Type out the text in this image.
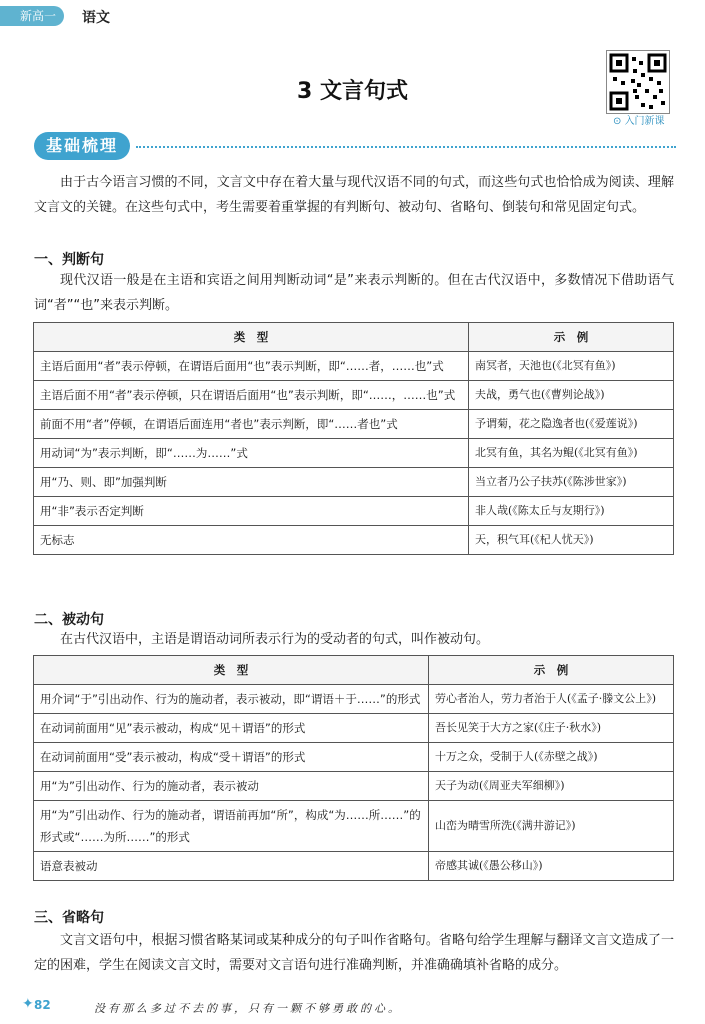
新高一	语文
3 文言句式
⊙ 入门新课
基础梳理
由于古今语言习惯的不同，文言文中存在着大量与现代汉语不同的句式，而这些句式也恰恰成为阅读、理解文言文的关键。在这些句式中，考生需要着重掌握的有判断句、被动句、省略句、倒装句和常见固定句式。
一、判断句
现代汉语一般是在主语和宾语之间用判断动词“是”来表示判断的。但在古代汉语中，多数情况下借助语气词“者”“也”来表示判断。
类　型	示　例
主语后面用“者”表示停顿，在谓语后面用“也”表示判断，即“……者，……也”式	南冥者，天池也(《北冥有鱼》)
主语后面不用“者”表示停顿，只在谓语后面用“也”表示判断，即“……，……也”式	夫战，勇气也(《曹刿论战》)
前面不用“者”停顿，在谓语后面连用“者也”表示判断，即“……者也”式	予谓菊，花之隐逸者也(《爱莲说》)
用动词“为”表示判断，即“……为……”式	北冥有鱼，其名为鲲(《北冥有鱼》)
用“乃、则、即”加强判断	当立者乃公子扶苏(《陈涉世家》)
用“非”表示否定判断	非人哉(《陈太丘与友期行》)
无标志	天，积气耳(《杞人忧天》)
二、被动句
在古代汉语中，主语是谓语动词所表示行为的受动者的句式，叫作被动句。
类　型	示　例
用介词“于”引出动作、行为的施动者，表示被动，即“谓语＋于……”的形式	劳心者治人，劳力者治于人(《孟子·滕文公上》)
在动词前面用“见”表示被动，构成“见＋谓语”的形式	吾长见笑于大方之家(《庄子·秋水》)
在动词前面用“受”表示被动，构成“受＋谓语”的形式	十万之众，受制于人(《赤壁之战》)
用“为”引出动作、行为的施动者，表示被动	天子为动(《周亚夫军细柳》)
用“为”引出动作、行为的施动者，谓语前再加“所”，构成“为……所……”的形式或“……为所……”的形式	山峦为晴雪所洗(《满井游记》)
语意表被动	帝感其诚(《愚公移山》)
三、省略句
文言文语句中，根据习惯省略某词或某种成分的句子叫作省略句。省略句给学生理解与翻译文言文造成了一定的困难，学生在阅读文言文时，需要对文言语句进行准确判断，并准确确填补省略的成分。
✦ 82	没有那么多过不去的事，只有一颗不够勇敢的心。
